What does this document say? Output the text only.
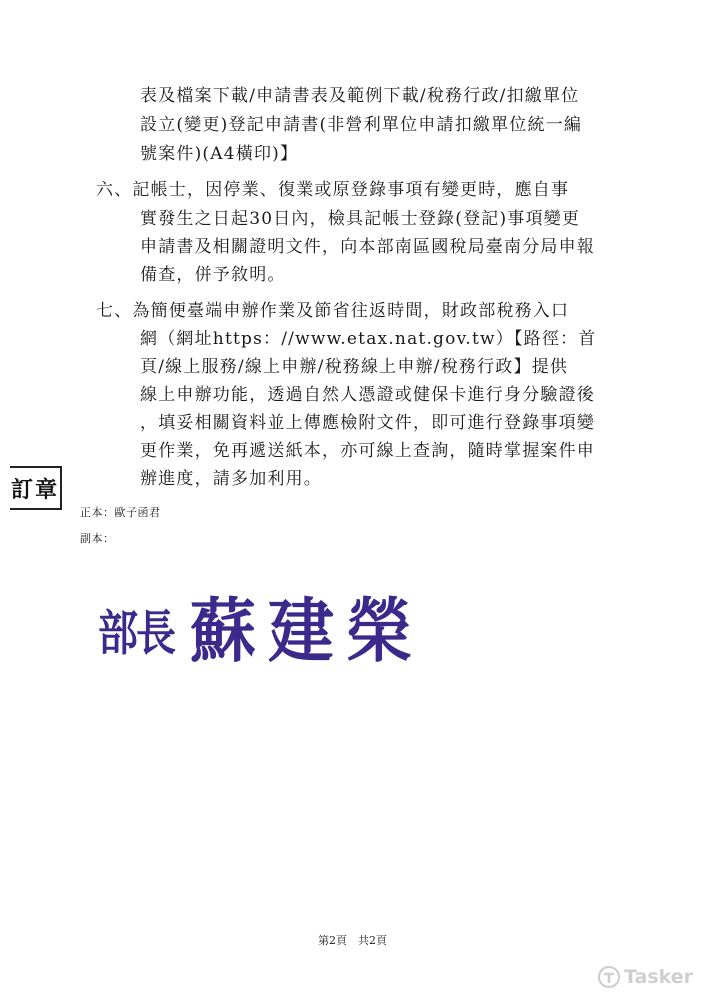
表及檔案下載/申請書表及範例下載/稅務行政/扣繳單位
設立(變更)登記申請書(非營利單位申請扣繳單位統一編
號案件)(A4橫印)】
六、記帳士，因停業、復業或原登錄事項有變更時，應自事
實發生之日起30日內，檢具記帳士登錄(登記)事項變更
申請書及相關證明文件，向本部南區國稅局臺南分局申報
備查，併予敘明。
七、為簡便臺端申辦作業及節省往返時間，財政部稅務入口
網（網址https：//www.etax.nat.gov.tw）【路徑：首
頁/線上服務/線上申辦/稅務線上申辦/稅務行政】提供
線上申辦功能，透過自然人憑證或健保卡進行身分驗證後
，填妥相關資料並上傳應檢附文件，即可進行登錄事項變
更作業，免再遞送紙本，亦可線上查詢，隨時掌握案件申
辦進度，請多加利用。
訂章
正本：歐子函君
副本：
部長 蘇建榮
第2頁　共2頁
Tasker
